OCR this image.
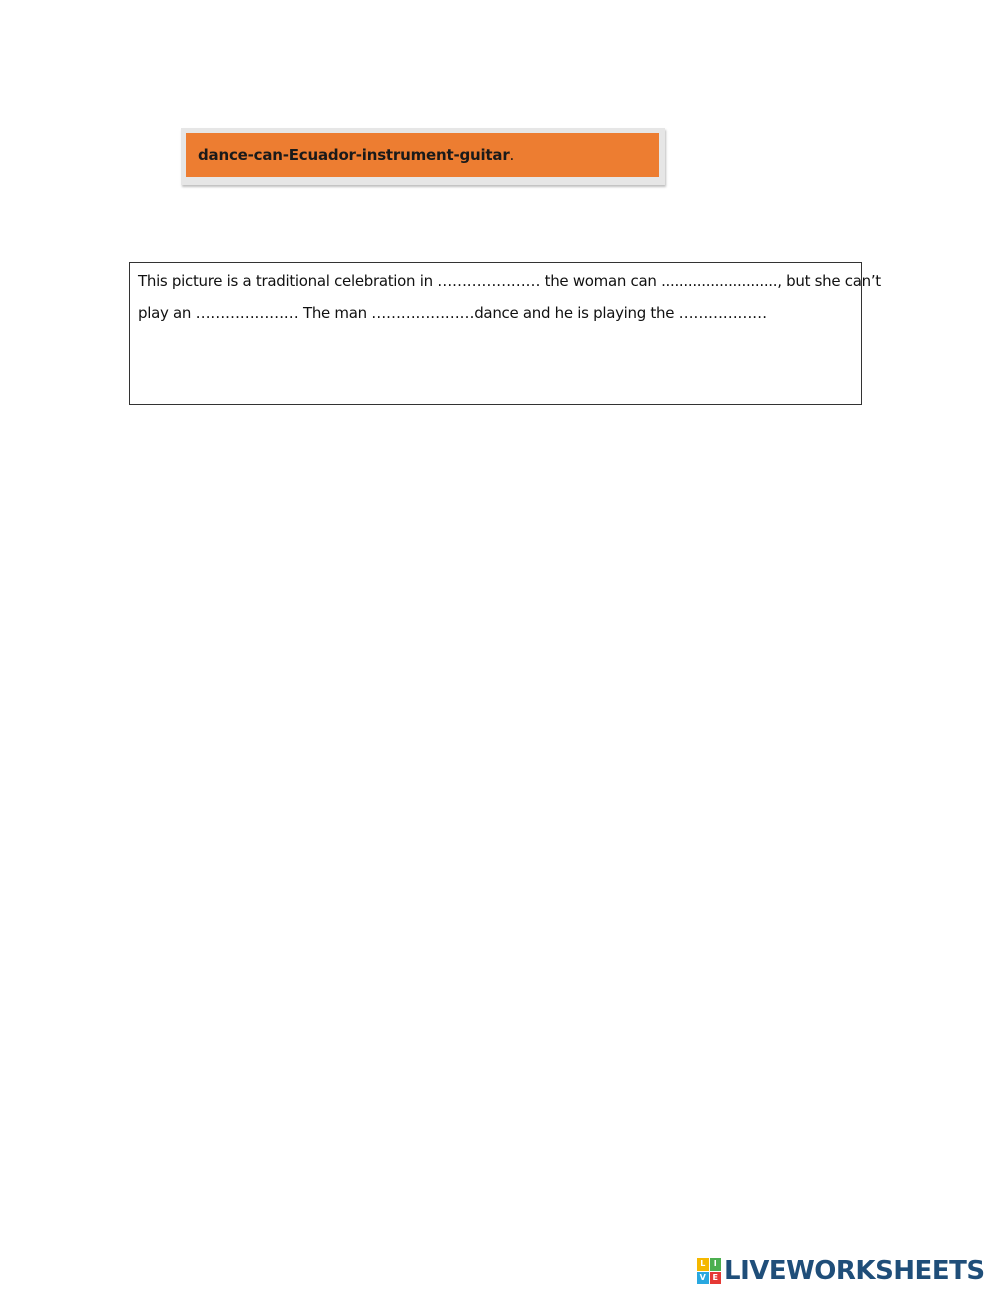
dance - can - Ecuador - instrument - guitar .
This picture is a traditional celebration in ………………… the woman can .........................., but she can’t
play an ………………… The man …………………dance and he is playing the ………………
L	I
V E LIVEWORKSHEETS
